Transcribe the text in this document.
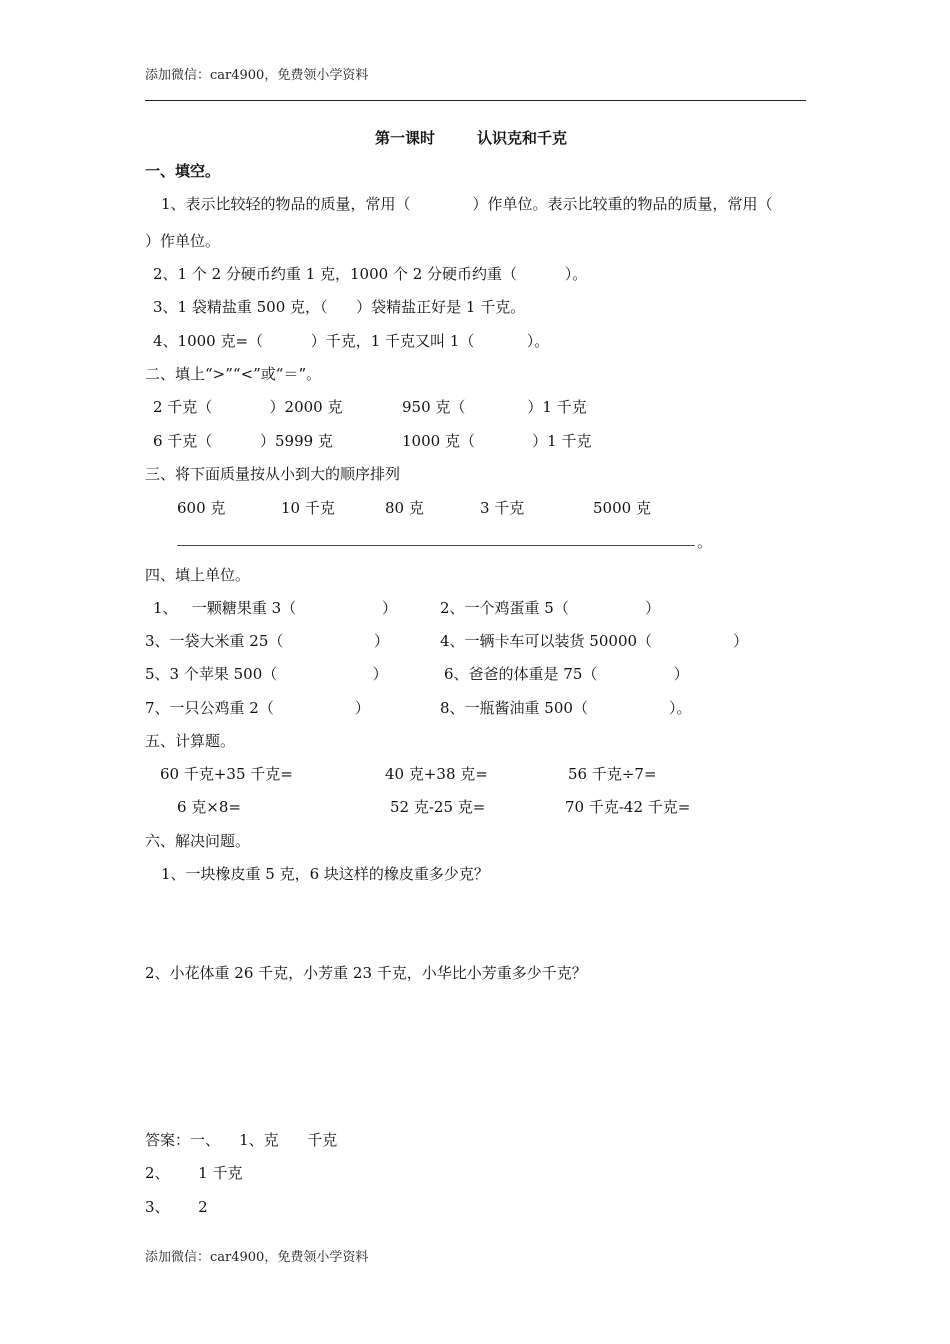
添加微信：car4900，免费领小学资料
第一课时	认识克和千克
一、填空。
1、表示比较轻的物品的质量，常用（             ）作单位。表示比较重的物品的质量，常用（
）作单位。
2、1 个 2 分硬币约重 1 克，1000 个 2 分硬币约重（          ）。
3、1 袋精盐重 500 克，（      ）袋精盐正好是 1 千克。
4、1000 克=（          ）千克，1 千克又叫 1（           ）。
二、填上“>”“<”或“＝”。
2 千克（            ）2000 克	950 克（             ）1 千克
6 千克（          ）5999 克	1000 克（            ）1 千克
三、将下面质量按从小到大的顺序排列
600 克	10 千克	80 克	3 千克	5000 克
。
四、填上单位。
1、   一颗糖果重 3（                  ）	2、一个鸡蛋重 5（                ）
3、一袋大米重 25（                   ）	4、一辆卡车可以装货 50000（                 ）
5、3 个苹果 500（                    ）	6、爸爸的体重是 75（                ）
7、一只公鸡重 2（                 ）	8、一瓶酱油重 500（                 ）。
五、计算题。
60 千克+35 千克=	40 克+38 克=	56 千克÷7=
6 克×8=	52 克-25 克=	70 千克-42 千克=
六、解决问题。
1、一块橡皮重 5 克，6 块这样的橡皮重多少克？
2、小花体重 26 千克，小芳重 23 千克，小华比小芳重多少千克？
答案：一、    1、克      千克
2、      1 千克
3、      2
添加微信：car4900，免费领小学资料
